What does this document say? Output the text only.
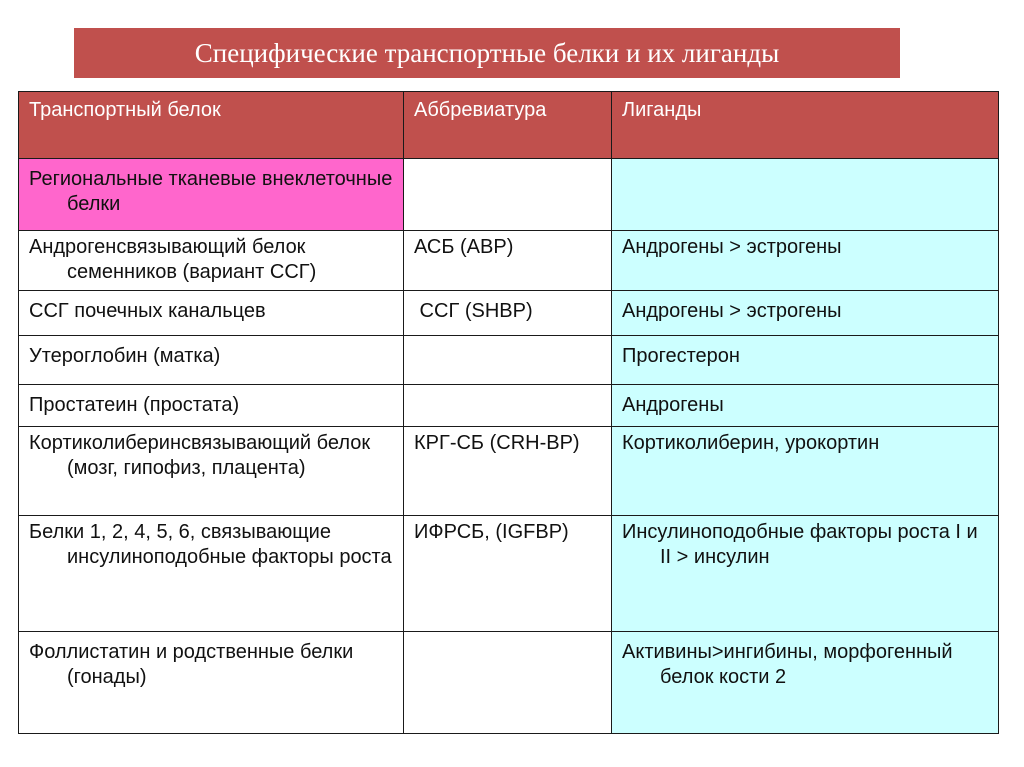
Специфические транспортные белки и их лиганды
Транспортный белок	Аббревиатура	Лиганды

Региональные тканевые внеклеточные белки		

Андрогенсвязывающий белок семенников (вариант ССГ)	АСБ (ABP)	Андрогены > эстрогены

ССГ почечных канальцев	ССГ (SHBP)	Андрогены > эстрогены

Утероглобин (матка)		Прогестерон

Простатеин (простата)		Андрогены

Кортиколиберинсвязывающий белок (мозг, гипофиз, плацента)	КРГ-СБ (CRH-BP)	Кортиколиберин, урокортин

Белки 1, 2, 4, 5, 6, связывающие инсулиноподобные факторы роста	ИФРСБ, (IGFBP)	Инсулиноподобные факторы роста I и II > инсулин

Фоллистатин и родственные белки (гонады)		Активины>ингибины, морфогенный белок кости 2
